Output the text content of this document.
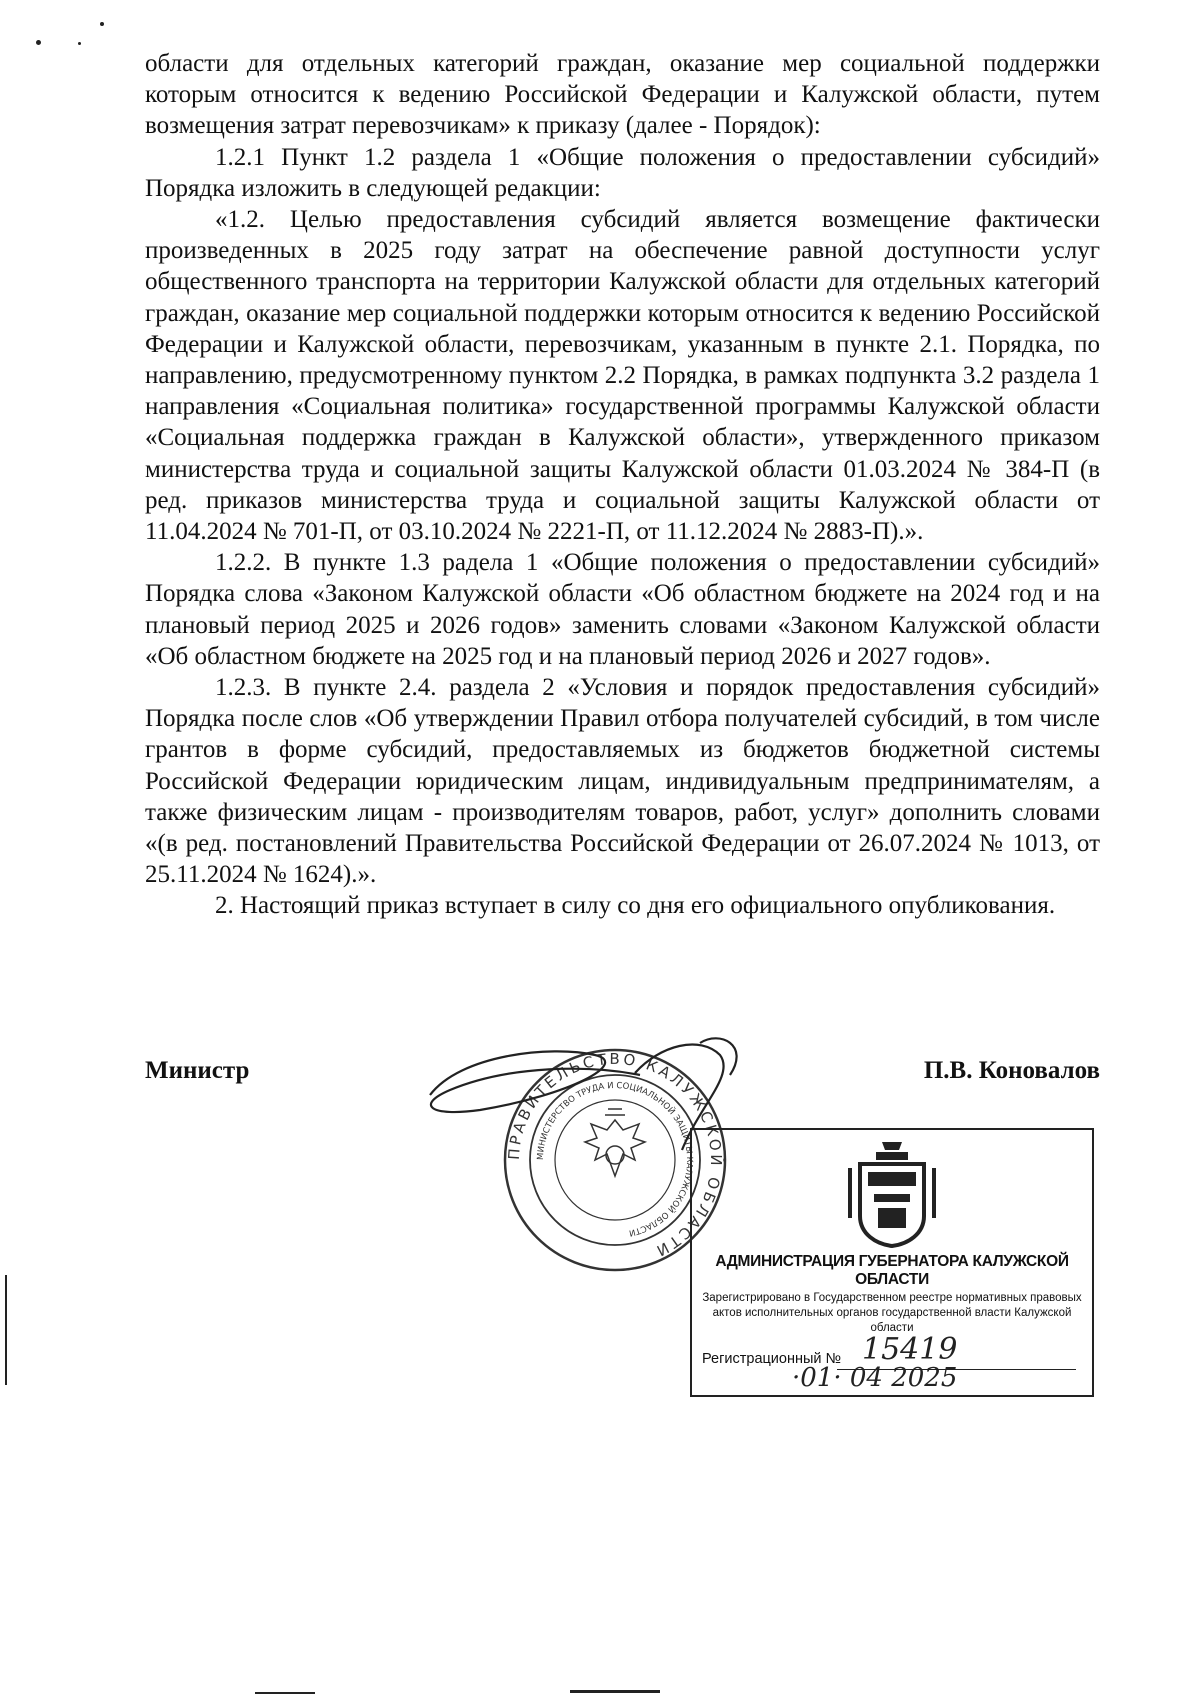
области для отдельных категорий граждан, оказание мер социальной поддержки которым относится к ведению Российской Федерации и Калужской области, путем возмещения затрат перевозчикам» к приказу (далее - Порядок):

1.2.1 Пункт 1.2 раздела 1 «Общие положения о предоставлении субсидий» Порядка изложить в следующей редакции:

«1.2. Целью предоставления субсидий является возмещение фактически произведенных в 2025 году затрат на обеспечение равной доступности услуг общественного транспорта на территории Калужской области для отдельных категорий граждан, оказание мер социальной поддержки которым относится к ведению Российской Федерации и Калужской области, перевозчикам, указанным в пункте 2.1. Порядка, по направлению, предусмотренному пунктом 2.2 Порядка, в рамках подпункта 3.2 раздела 1 направления «Социальная политика» государственной программы Калужской области «Социальная поддержка граждан в Калужской области», утвержденного приказом министерства труда и социальной защиты Калужской области 01.03.2024 № 384-П (в ред. приказов министерства труда и социальной защиты Калужской области от 11.04.2024 № 701-П, от 03.10.2024 № 2221-П, от 11.12.2024 № 2883-П).».

1.2.2. В пункте 1.3 радела 1 «Общие положения о предоставлении субсидий» Порядка слова «Законом Калужской области «Об областном бюджете на 2024 год и на плановый период 2025 и 2026 годов» заменить словами «Законом Калужской области «Об областном бюджете на 2025 год и на плановый период 2026 и 2027 годов».

1.2.3. В пункте 2.4. раздела 2 «Условия и порядок предоставления субсидий» Порядка после слов «Об утверждении Правил отбора получателей субсидий, в том числе грантов в форме субсидий, предоставляемых из бюджетов бюджетной системы Российской Федерации юридическим лицам, индивидуальным предпринимателям, а также физическим лицам - производителям товаров, работ, услуг» дополнить словами «(в ред. постановлений Правительства Российской Федерации от 26.07.2024 № 1013, от 25.11.2024 № 1624).».

2. Настоящий приказ вступает в силу со дня его официального опубликования.

Министр	П.В. Коновалов
ПРАВИТЕЛЬСТВО КАЛУЖСКОЙ ОБЛАСТИ
МИНИСТЕРСТВО ТРУДА И СОЦИАЛЬНОЙ ЗАЩИТЫ КАЛУЖСКОЙ ОБЛАСТИ
АДМИНИСТРАЦИЯ ГУБЕРНАТОРА КАЛУЖСКОЙ ОБЛАСТИ
Зарегистрировано в Государственном реестре нормативных правовых актов исполнительных органов государственной власти Калужской области
Регистрационный № 15419
·01· 04 2025
